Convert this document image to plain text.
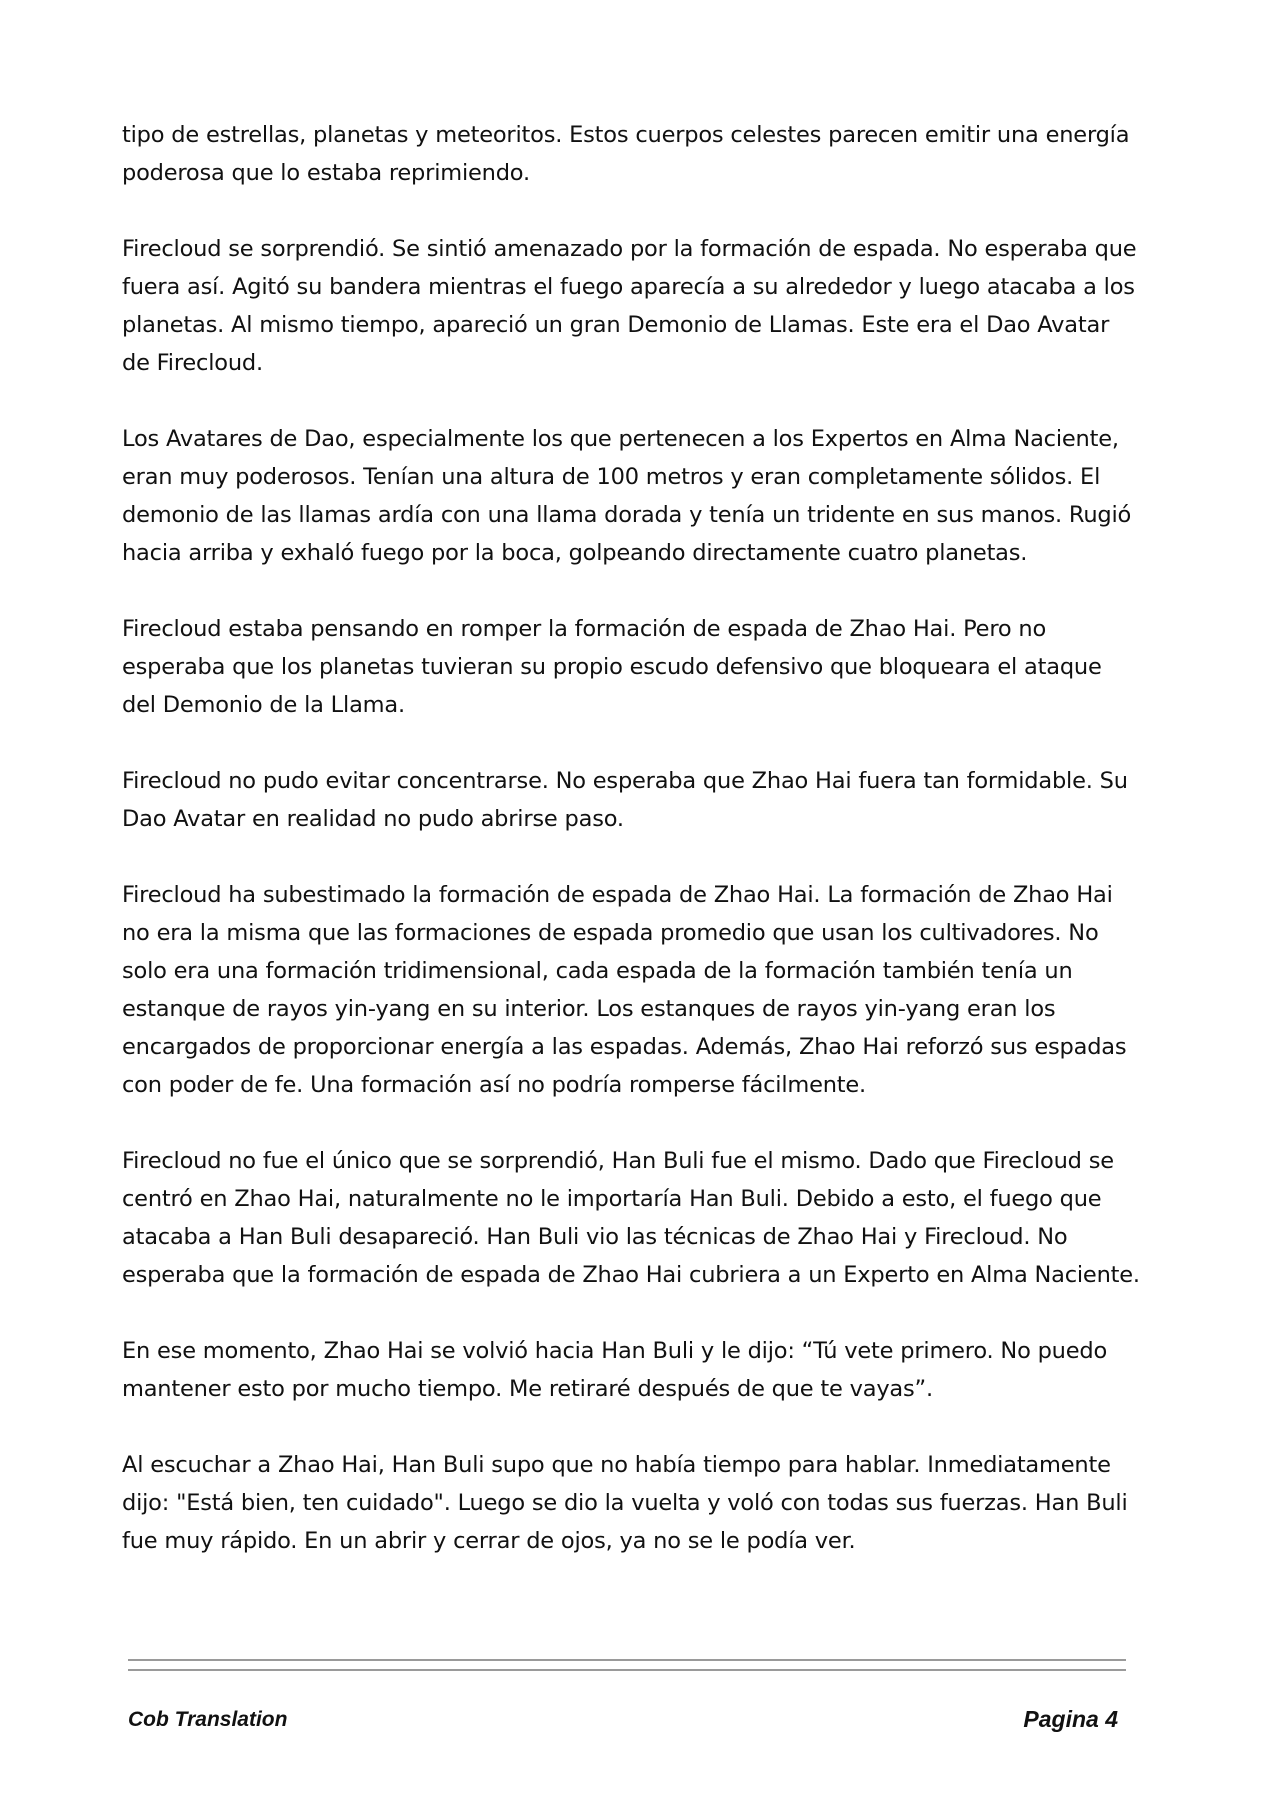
tipo de estrellas, planetas y meteoritos. Estos cuerpos celestes parecen emitir una energía poderosa que lo estaba reprimiendo.

Firecloud se sorprendió. Se sintió amenazado por la formación de espada. No esperaba que fuera así. Agitó su bandera mientras el fuego aparecía a su alrededor y luego atacaba a los planetas. Al mismo tiempo, apareció un gran Demonio de Llamas. Este era el Dao Avatar de Firecloud.

Los Avatares de Dao, especialmente los que pertenecen a los Expertos en Alma Naciente, eran muy poderosos. Tenían una altura de 100 metros y eran completamente sólidos. El demonio de las llamas ardía con una llama dorada y tenía un tridente en sus manos. Rugió hacia arriba y exhaló fuego por la boca, golpeando directamente cuatro planetas.

Firecloud estaba pensando en romper la formación de espada de Zhao Hai. Pero no esperaba que los planetas tuvieran su propio escudo defensivo que bloqueara el ataque del Demonio de la Llama.

Firecloud no pudo evitar concentrarse. No esperaba que Zhao Hai fuera tan formidable. Su Dao Avatar en realidad no pudo abrirse paso.

Firecloud ha subestimado la formación de espada de Zhao Hai. La formación de Zhao Hai no era la misma que las formaciones de espada promedio que usan los cultivadores. No solo era una formación tridimensional, cada espada de la formación también tenía un estanque de rayos yin-yang en su interior. Los estanques de rayos yin-yang eran los encargados de proporcionar energía a las espadas. Además, Zhao Hai reforzó sus espadas con poder de fe. Una formación así no podría romperse fácilmente.

Firecloud no fue el único que se sorprendió, Han Buli fue el mismo. Dado que Firecloud se centró en Zhao Hai, naturalmente no le importaría Han Buli. Debido a esto, el fuego que atacaba a Han Buli desapareció. Han Buli vio las técnicas de Zhao Hai y Firecloud. No esperaba que la formación de espada de Zhao Hai cubriera a un Experto en Alma Naciente.

En ese momento, Zhao Hai se volvió hacia Han Buli y le dijo: “Tú vete primero. No puedo mantener esto por mucho tiempo. Me retiraré después de que te vayas”.

Al escuchar a Zhao Hai, Han Buli supo que no había tiempo para hablar. Inmediatamente dijo: "Está bien, ten cuidado". Luego se dio la vuelta y voló con todas sus fuerzas. Han Buli fue muy rápido. En un abrir y cerrar de ojos, ya no se le podía ver.

Cob Translation	Pagina 4
